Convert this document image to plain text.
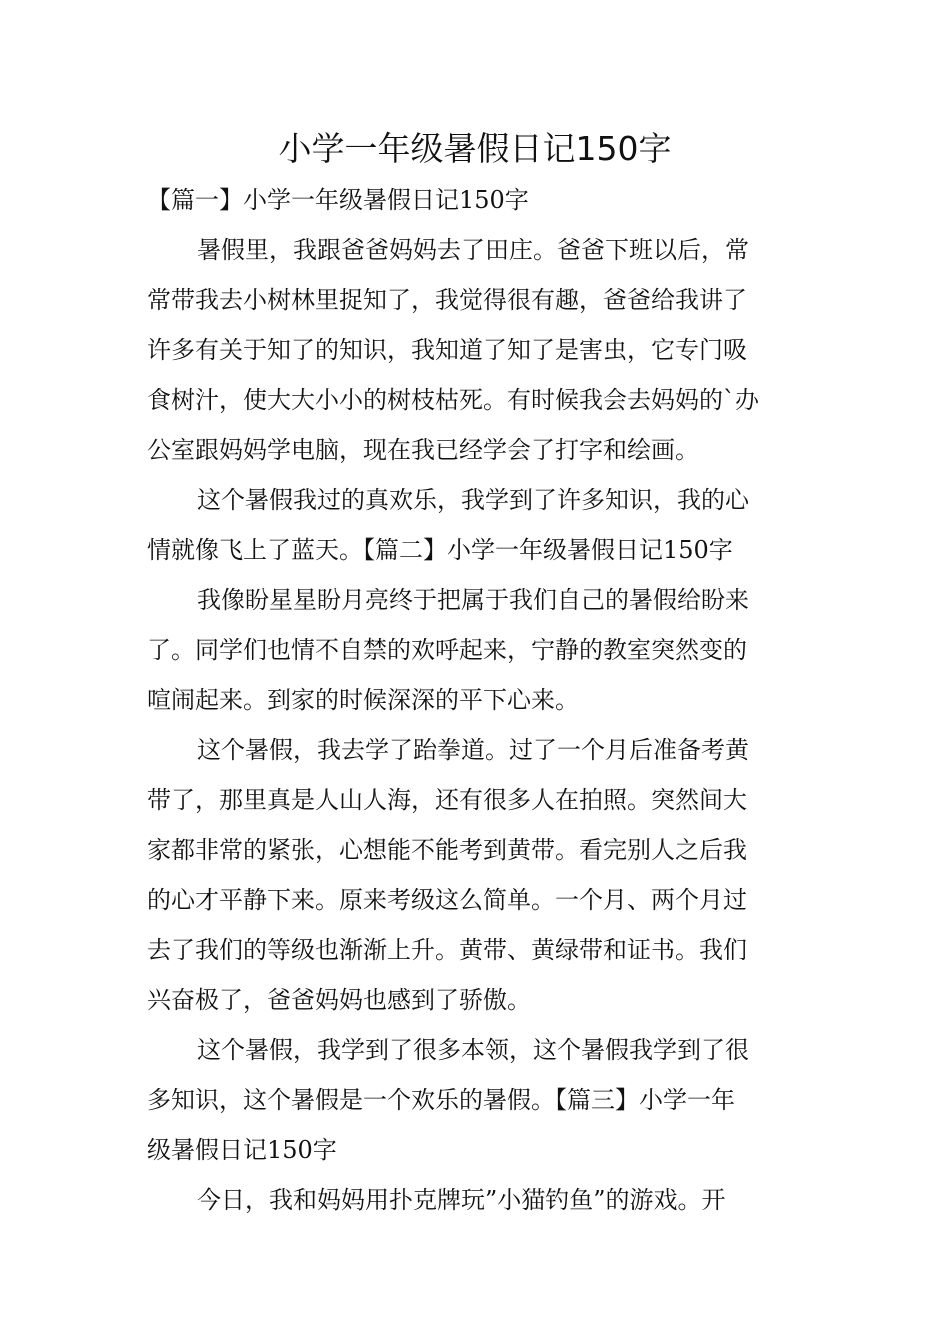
小学一年级暑假日记150字
【篇一】小学一年级暑假日记150字
暑假里，我跟爸爸妈妈去了田庄。爸爸下班以后，常
常带我去小树林里捉知了，我觉得很有趣，爸爸给我讲了
许多有关于知了的知识，我知道了知了是害虫，它专门吸
食树汁，使大大小小的树枝枯死。有时候我会去妈妈的`办
公室跟妈妈学电脑，现在我已经学会了打字和绘画。
这个暑假我过的真欢乐，我学到了许多知识，我的心
情就像飞上了蓝天。【篇二】小学一年级暑假日记150字
我像盼星星盼月亮终于把属于我们自己的暑假给盼来
了。同学们也情不自禁的欢呼起来，宁静的教室突然变的
喧闹起来。到家的时候深深的平下心来。
这个暑假，我去学了跆拳道。过了一个月后准备考黄
带了，那里真是人山人海，还有很多人在拍照。突然间大
家都非常的紧张，心想能不能考到黄带。看完别人之后我
的心才平静下来。原来考级这么简单。一个月、两个月过
去了我们的等级也渐渐上升。黄带、黄绿带和证书。我们
兴奋极了，爸爸妈妈也感到了骄傲。
这个暑假，我学到了很多本领，这个暑假我学到了很
多知识，这个暑假是一个欢乐的暑假。【篇三】小学一年
级暑假日记150字
今日，我和妈妈用扑克牌玩”小猫钓鱼”的游戏。开
